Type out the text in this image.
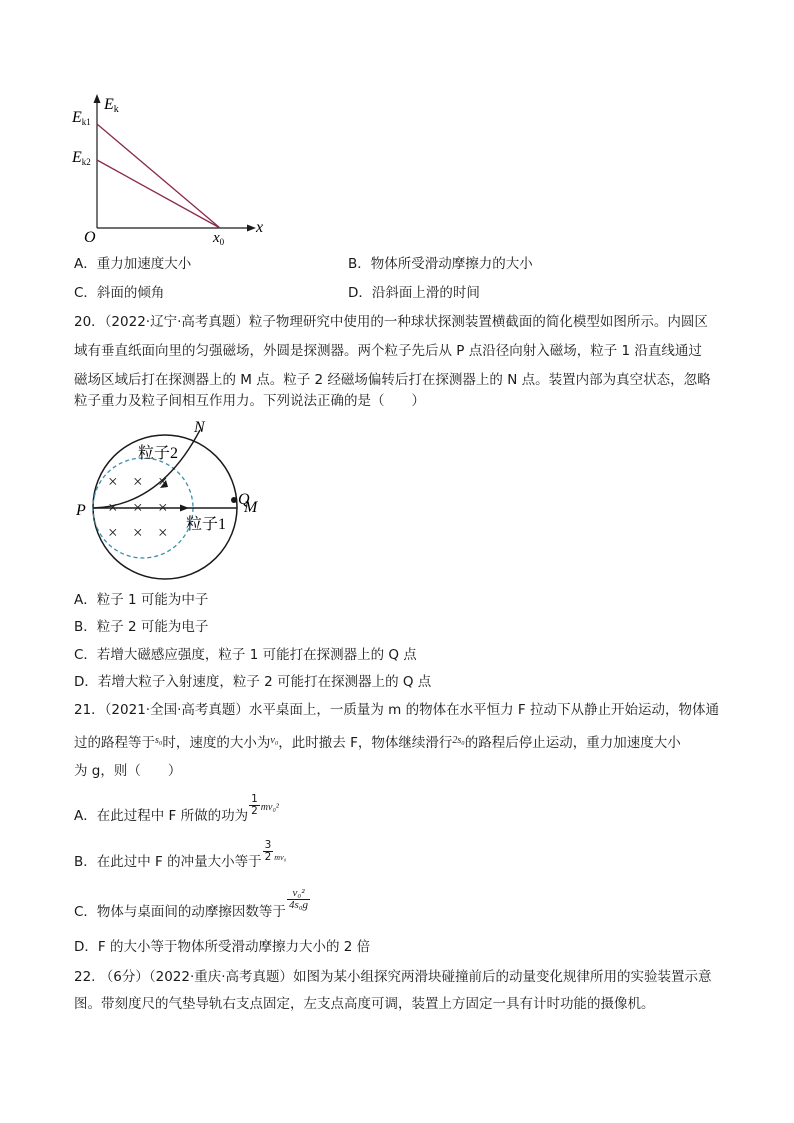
Ek
Ek1
Ek2
O
x
$x_0$
A．重力加速度大小	B．物体所受滑动摩擦力的大小
C．斜面的倾角	D．沿斜面上滑的时间
20．（2022·辽宁·高考真题）粒子物理研究中使用的一种球状探测装置横截面的简化模型如图所示。内圆区
域有垂直纸面向里的匀强磁场，外圆是探测器。两个粒子先后从 P 点沿径向射入磁场，粒子 1 沿直线通过
磁场区域后打在探测器上的 M 点。粒子 2 经磁场偏转后打在探测器上的 N 点。装置内部为真空状态，忽略
粒子重力及粒子间相互作用力。下列说法正确的是（　　）
× × ×
× × ×
× × ×
N
Q
P	M
粒子2
粒子1
A．粒子 1 可能为中子
B．粒子 2 可能为电子
C．若增大磁感应强度，粒子 1 可能打在探测器上的 Q 点
D．若增大粒子入射速度，粒子 2 可能打在探测器上的 Q 点
21．（2021·全国·高考真题）水平桌面上，一质量为 m 的物体在水平恒力 F 拉动下从静止开始运动，物体通
过的路程等于$^{s_0}$时，速度的大小为$^{v_0}$，此时撤去 F，物体继续滑行$^{2s_0}$的路程后停止运动，重力加速度大小
为 g，则（　　）
A．在此过程中 F 所做的功为 $\frac{1}{2} ^{mv_0^2}$
B．在此过中 F 的冲量大小等于 $\frac{3}{2} ^{mv_0}$
C．物体与桌面间的动摩擦因数等于
$\frac{\text{v₀²}}{\text{4s₀g}}$
D．F 的大小等于物体所受滑动摩擦力大小的 2 倍
22. （6分）（2022·重庆·高考真题）如图为某小组探究两滑块碰撞前后的动量变化规律所用的实验装置示意
图。带刻度尺的气垫导轨右支点固定，左支点高度可调，装置上方固定一具有计时功能的摄像机。
